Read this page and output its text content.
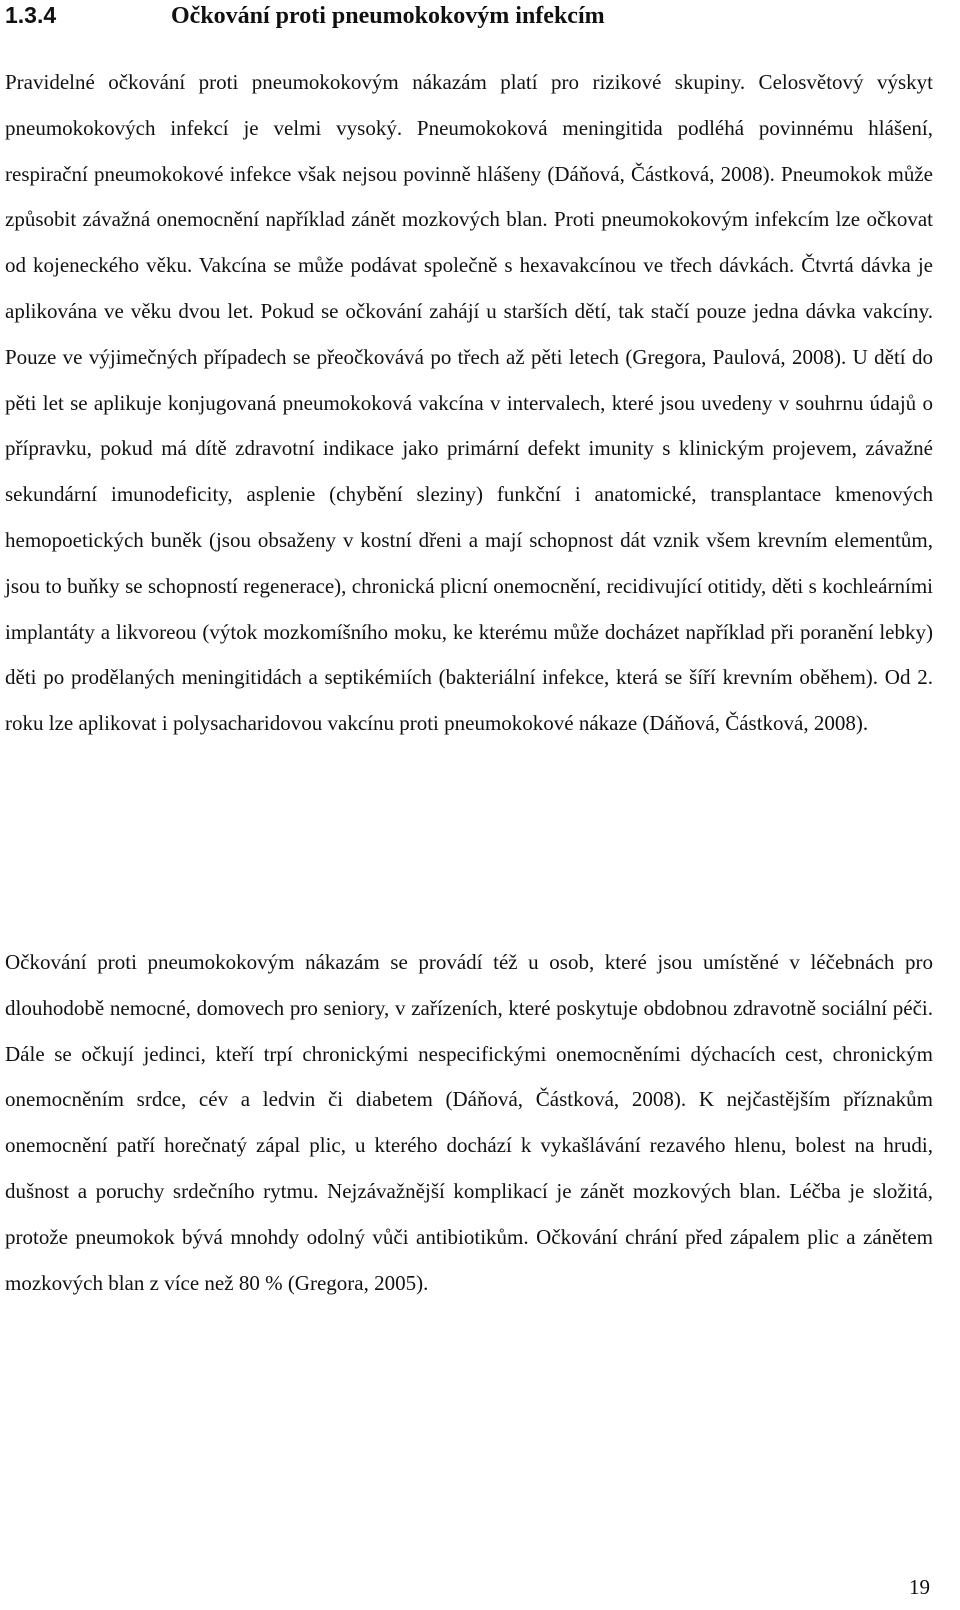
1.3.4	Očkování proti pneumokokovým infekcím

Pravidelné očkování proti pneumokokovým nákazám platí pro rizikové skupiny. Celosvětový výskyt pneumokokových infekcí je velmi vysoký. Pneumokoková meningitida podléhá povinnému hlášení, respirační pneumokokové infekce však nejsou povinně hlášeny (Dáňová, Částková, 2008). Pneumokok může způsobit závažná onemocnění například zánět mozkových blan. Proti pneumokokovým infekcím lze očkovat od kojeneckého věku. Vakcína se může podávat společně s hexavakcínou ve třech dávkách. Čtvrtá dávka je aplikována ve věku dvou let. Pokud se očkování zahájí u starších dětí, tak stačí pouze jedna dávka vakcíny. Pouze ve výjimečných případech se přeočkovává po třech až pěti letech (Gregora, Paulová, 2008). U dětí do pěti let se aplikuje konjugovaná pneumokoková vakcína v intervalech, které jsou uvedeny v souhrnu údajů o přípravku, pokud má dítě zdravotní indikace jako primární defekt imunity s klinickým projevem, závažné sekundární imunodeficity, asplenie (chybění sleziny) funkční i anatomické, transplantace kmenových hemopoetických buněk (jsou obsaženy v kostní dřeni a mají schopnost dát vznik všem krevním elementům, jsou to buňky se schopností regenerace), chronická plicní onemocnění, recidivující otitidy, děti s kochleárními implantáty a likvoreou (výtok mozkomíšního moku, ke kterému může docházet například při poranění lebky) děti po prodělaných meningitidách a septikémiích (bakteriální infekce, která se šíří krevním oběhem). Od 2. roku lze aplikovat i polysacharidovou vakcínu proti pneumokokové nákaze (Dáňová, Částková, 2008).

Očkování proti pneumokokovým nákazám se provádí též u osob, které jsou umístěné v léčebnách pro dlouhodobě nemocné, domovech pro seniory, v zařízeních, které poskytuje obdobnou zdravotně sociální péči. Dále se očkují jedinci, kteří trpí chronickými nespecifickými onemocněními dýchacích cest, chronickým onemocněním srdce, cév a ledvin či diabetem (Dáňová, Částková, 2008). K nejčastějším příznakům onemocnění patří horečnatý zápal plic, u kterého dochází k vykašlávání rezavého hlenu, bolest na hrudi, dušnost a poruchy srdečního rytmu. Nejzávažnější komplikací je zánět mozkových blan. Léčba je složitá, protože pneumokok bývá mnohdy odolný vůči antibiotikům. Očkování chrání před zápalem plic a zánětem mozkových blan z více než 80 % (Gregora, 2005).

19
